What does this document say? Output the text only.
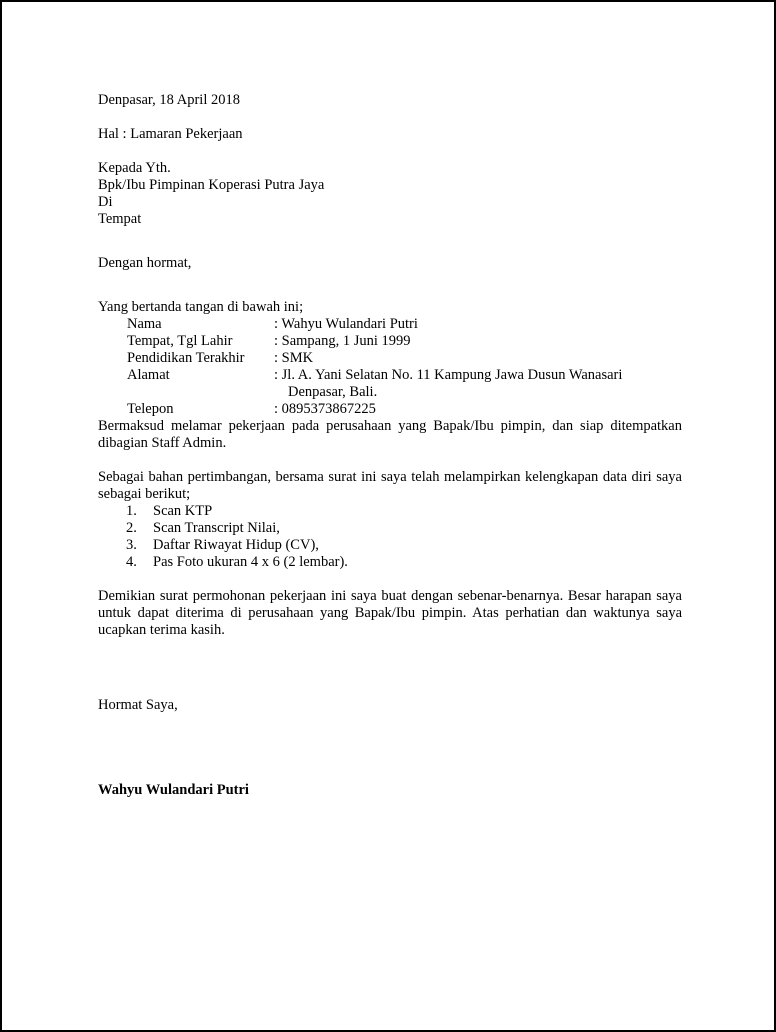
Denpasar, 18 April 2018
Hal : Lamaran Pekerjaan
Kepada Yth.
Bpk/Ibu Pimpinan Koperasi Putra Jaya
Di
Tempat
Dengan hormat,
Yang bertanda tangan di bawah ini;
Nama	: Wahyu Wulandari Putri
Tempat, Tgl Lahir	: Sampang, 1 Juni 1999
Pendidikan Terakhir : SMK
Alamat	: Jl. A. Yani Selatan No. 11 Kampung Jawa Dusun Wanasari
Denpasar, Bali.
Telepon	: 0895373867225
Bermaksud melamar pekerjaan pada perusahaan yang Bapak/Ibu pimpin, dan siap ditempatkan dibagian Staff Admin.
Sebagai bahan pertimbangan, bersama surat ini saya telah melampirkan kelengkapan data diri saya sebagai berikut;
1. Scan KTP
2. Scan Transcript Nilai,
3. Daftar Riwayat Hidup (CV),
4. Pas Foto ukuran 4 x 6 (2 lembar).
Demikian surat permohonan pekerjaan ini saya buat dengan sebenar-benarnya. Besar harapan saya untuk dapat diterima di perusahaan yang Bapak/Ibu pimpin. Atas perhatian dan waktunya saya ucapkan terima kasih.
Hormat Saya,
Wahyu Wulandari Putri
